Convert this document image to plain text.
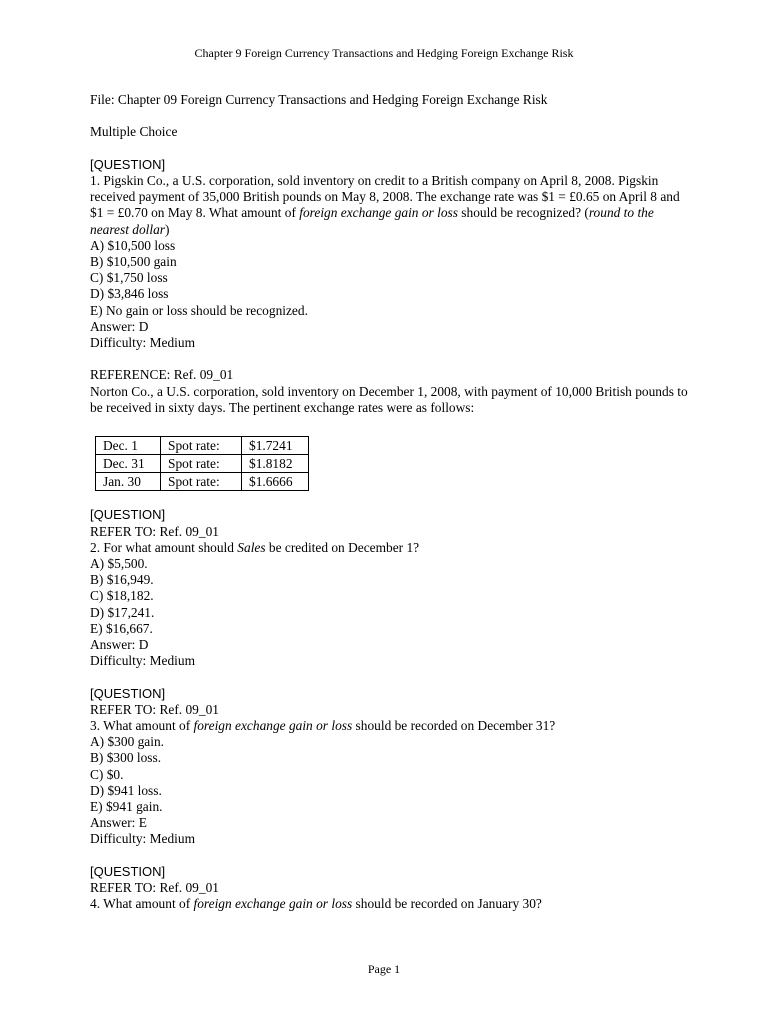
Chapter 9 Foreign Currency Transactions and Hedging Foreign Exchange Risk

File: Chapter 09 Foreign Currency Transactions and Hedging Foreign Exchange Risk

Multiple Choice

[QUESTION]

1. Pigskin Co., a U.S. corporation, sold inventory on credit to a British company on April 8, 2008. Pigskin received payment of 35,000 British pounds on May 8, 2008. The exchange rate was $1 = £0.65 on April 8 and $1 = £0.70 on May 8. What amount of foreign exchange gain or loss should be recognized? (round to the nearest dollar)

A) $10,500 loss

B) $10,500 gain

C) $1,750 loss

D) $3,846 loss

E) No gain or loss should be recognized.

Answer: D

Difficulty: Medium

REFERENCE: Ref. 09_01

Norton Co., a U.S. corporation, sold inventory on December 1, 2008, with payment of 10,000 British pounds to be received in sixty days. The pertinent exchange rates were as follows:

Dec. 1	Spot rate:	$1.7241
Dec. 31	Spot rate:	$1.8182
Jan. 30	Spot rate:	$1.6666

[QUESTION]

REFER TO: Ref. 09_01

2. For what amount should Sales be credited on December 1?

A) $5,500.

B) $16,949.

C) $18,182.

D) $17,241.

E) $16,667.

Answer: D

Difficulty: Medium

[QUESTION]

REFER TO: Ref. 09_01

3. What amount of foreign exchange gain or loss should be recorded on December 31?

A) $300 gain.

B) $300 loss.

C) $0.

D) $941 loss.

E) $941 gain.

Answer: E

Difficulty: Medium

[QUESTION]

REFER TO: Ref. 09_01

4. What amount of foreign exchange gain or loss should be recorded on January 30?

Page 1
